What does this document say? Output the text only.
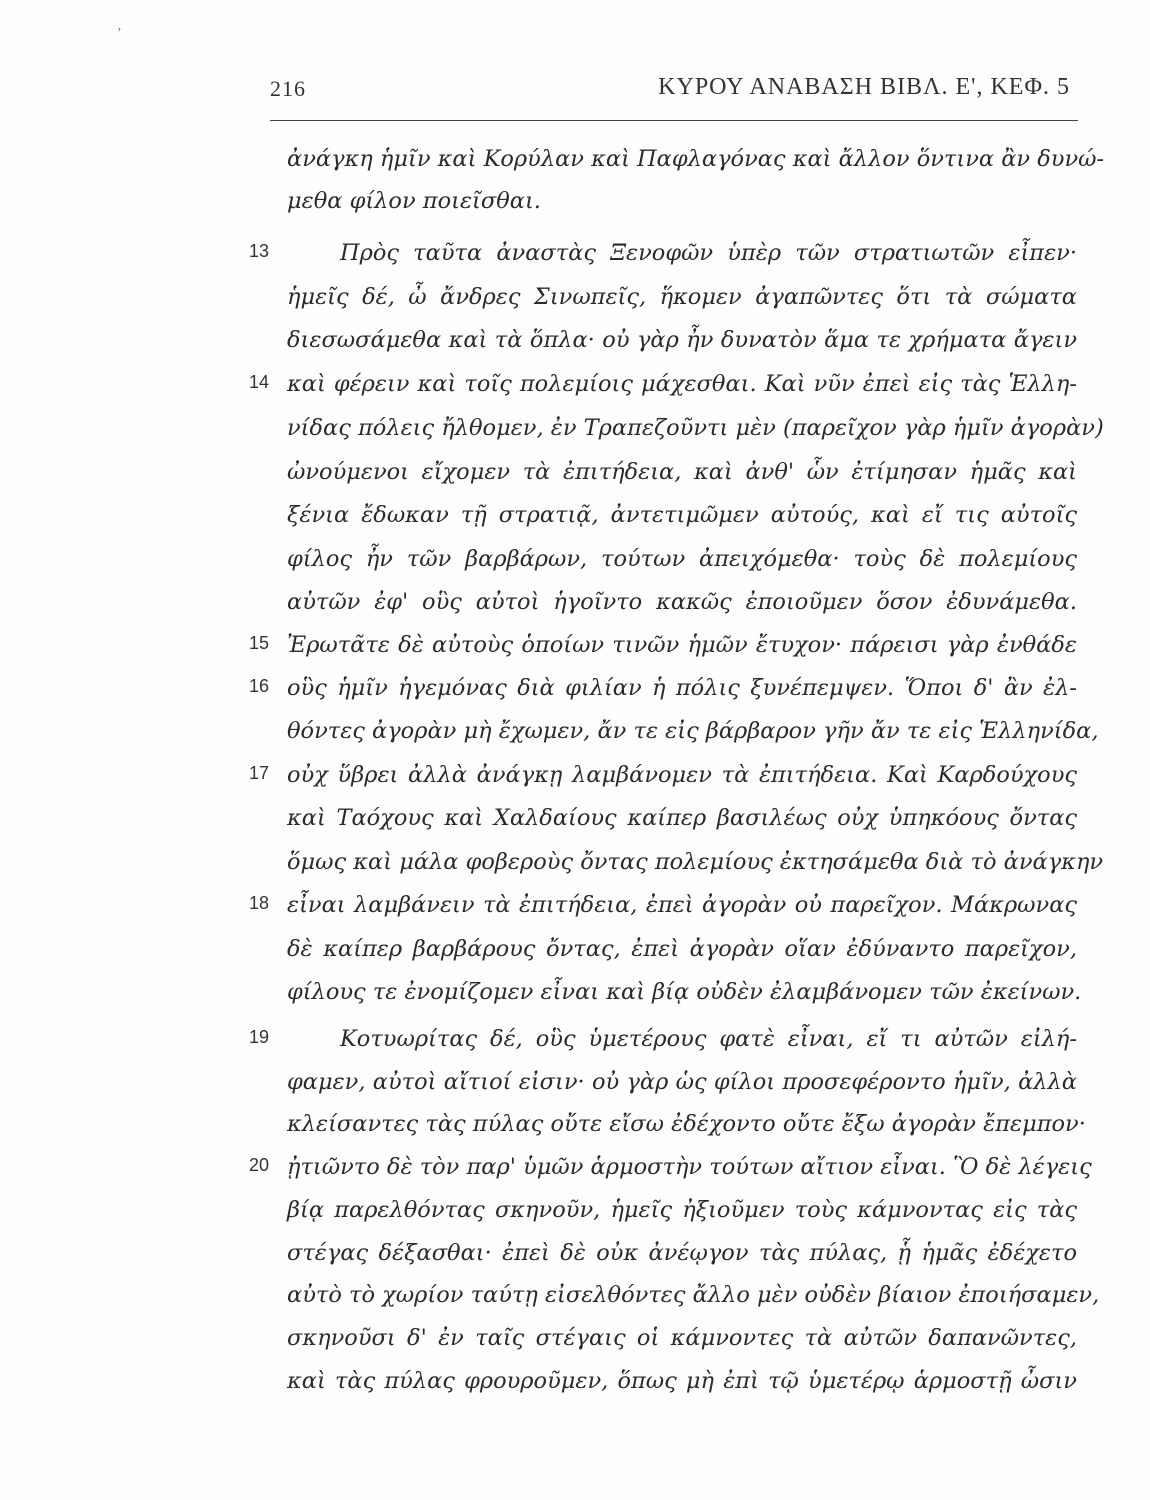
’
216	ΚΥΡΟΥ ΑΝΑΒΑΣΗ ΒΙΒΛ. Ε', ΚΕΦ. 5
ἀνάγκη ἡμῖν καὶ Κορύλαν καὶ Παφλαγόνας καὶ ἄλλον ὅντινα ἂν δυνώ-
μεθα φίλον ποιεῖσθαι.
13	Πρὸς ταῦτα ἀναστὰς Ξενοφῶν ὑπὲρ τῶν στρατιωτῶν εἶπεν·
ἡμεῖς δέ, ὦ ἄνδρες Σινωπεῖς, ἥκομεν ἀγαπῶντες ὅτι τὰ σώματα
διεσωσάμεθα καὶ τὰ ὅπλα· οὐ γὰρ ἦν δυνατὸν ἅμα τε χρήματα ἄγειν
14 καὶ φέρειν καὶ τοῖς πολεμίοις μάχεσθαι. Καὶ νῦν ἐπεὶ εἰς τὰς Ἑλλη-
νίδας πόλεις ἤλθομεν, ἐν Τραπεζοῦντι μὲν (παρεῖχον γὰρ ἡμῖν ἀγορὰν)
ὠνούμενοι εἴχομεν τὰ ἐπιτήδεια, καὶ ἀνθ' ὧν ἐτίμησαν ἡμᾶς καὶ
ξένια ἔδωκαν τῇ στρατιᾷ, ἀντετιμῶμεν αὐτούς, καὶ εἴ τις αὐτοῖς
φίλος ἦν τῶν βαρβάρων, τούτων ἀπειχόμεθα· τοὺς δὲ πολεμίους
αὐτῶν ἐφ' οὓς αὐτοὶ ἡγοῖντο κακῶς ἐποιοῦμεν ὅσον ἐδυνάμεθα.
15 Ἐρωτᾶτε δὲ αὐτοὺς ὁποίων τινῶν ἡμῶν ἔτυχον· πάρεισι γὰρ ἐνθάδε
16 οὓς ἡμῖν ἡγεμόνας διὰ φιλίαν ἡ πόλις ξυνέπεμψεν. Ὅποι δ' ἂν ἐλ-
θόντες ἀγορὰν μὴ ἔχωμεν, ἄν τε εἰς βάρβαρον γῆν ἄν τε εἰς Ἑλληνίδα,
17 οὐχ ὕβρει ἀλλὰ ἀνάγκῃ λαμβάνομεν τὰ ἐπιτήδεια. Καὶ Καρδούχους
καὶ Ταόχους καὶ Χαλδαίους καίπερ βασιλέως οὐχ ὑπηκόους ὄντας
ὅμως καὶ μάλα φοβεροὺς ὄντας πολεμίους ἐκτησάμεθα διὰ τὸ ἀνάγκην
18 εἶναι λαμβάνειν τὰ ἐπιτήδεια, ἐπεὶ ἀγορὰν οὐ παρεῖχον. Μάκρωνας
δὲ καίπερ βαρβάρους ὄντας, ἐπεὶ ἀγορὰν οἵαν ἐδύναντο παρεῖχον,
φίλους τε ἐνομίζομεν εἶναι καὶ βίᾳ οὐδὲν ἐλαμβάνομεν τῶν ἐκείνων.
19	Κοτυωρίτας δέ, οὓς ὑμετέρους φατὲ εἶναι, εἴ τι αὐτῶν εἰλή-
φαμεν, αὐτοὶ αἴτιοί εἰσιν· οὐ γὰρ ὡς φίλοι προσεφέροντο ἡμῖν, ἀλλὰ
κλείσαντες τὰς πύλας οὔτε εἴσω ἐδέχοντο οὔτε ἔξω ἀγορὰν ἔπεμπον·
20 ᾐτιῶντο δὲ τὸν παρ' ὑμῶν ἁρμοστὴν τούτων αἴτιον εἶναι. Ὃ δὲ λέγεις
βίᾳ παρελθόντας σκηνοῦν, ἡμεῖς ἠξιοῦμεν τοὺς κάμνοντας εἰς τὰς
στέγας δέξασθαι· ἐπεὶ δὲ οὐκ ἀνέῳγον τὰς πύλας, ᾗ ἡμᾶς ἐδέχετο
αὐτὸ τὸ χωρίον ταύτῃ εἰσελθόντες ἄλλο μὲν οὐδὲν βίαιον ἐποιήσαμεν,
σκηνοῦσι δ' ἐν ταῖς στέγαις οἱ κάμνοντες τὰ αὐτῶν δαπανῶντες,
καὶ τὰς πύλας φρουροῦμεν, ὅπως μὴ ἐπὶ τῷ ὑμετέρῳ ἁρμοστῇ ὦσιν
